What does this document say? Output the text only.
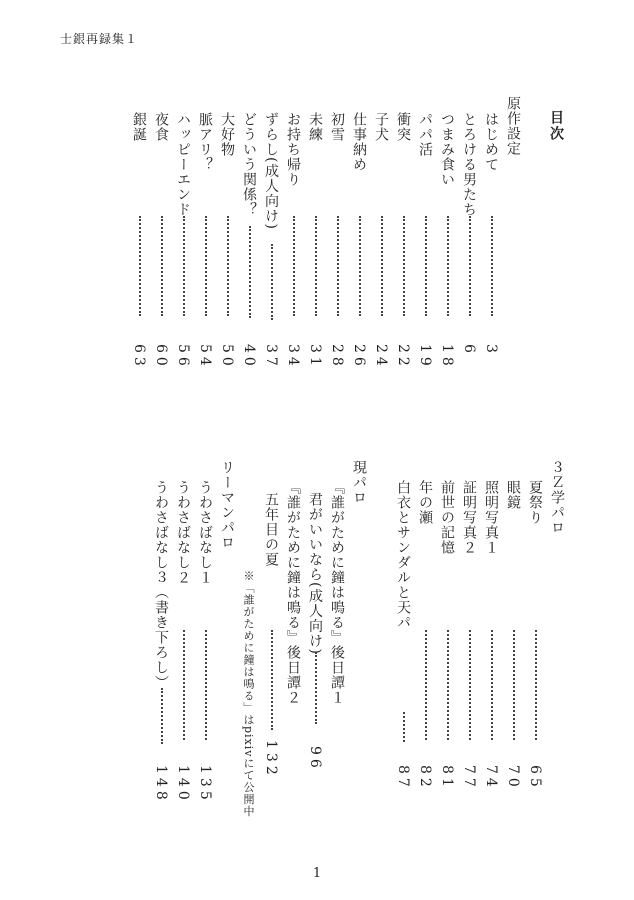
士銀再録集１
目次
原作設定
はじめて
3
とろける男たち
6
つまみ食い
18
パパ活
19
衝突
22
子犬
24
仕事納め
26
初雪
28
未練
31
お持ち帰り
34
ずらし(成人向け)
37
どういう関係？
40
大好物
50
脈アリ？
54
ハッピーエンド
56
夜食
60
銀誕
63
３Ｚ学パロ
夏祭り
65
眼鏡
70
照明写真１
74
証明写真２
77
前世の記憶
81
年の瀬
82
白衣とサンダルと天パ
87
現パロ
『誰がために鐘は鳴る』後日譚１
君がいいなら(成人向け)
96
『誰がために鐘は鳴る』後日譚２
五年目の夏
132
※「誰がために鐘は鳴る」はpixivにて公開中
リーマンパロ
うわさばなし１
135
うわさばなし２
140
うわさばなし３（書き下ろし）
148
1
